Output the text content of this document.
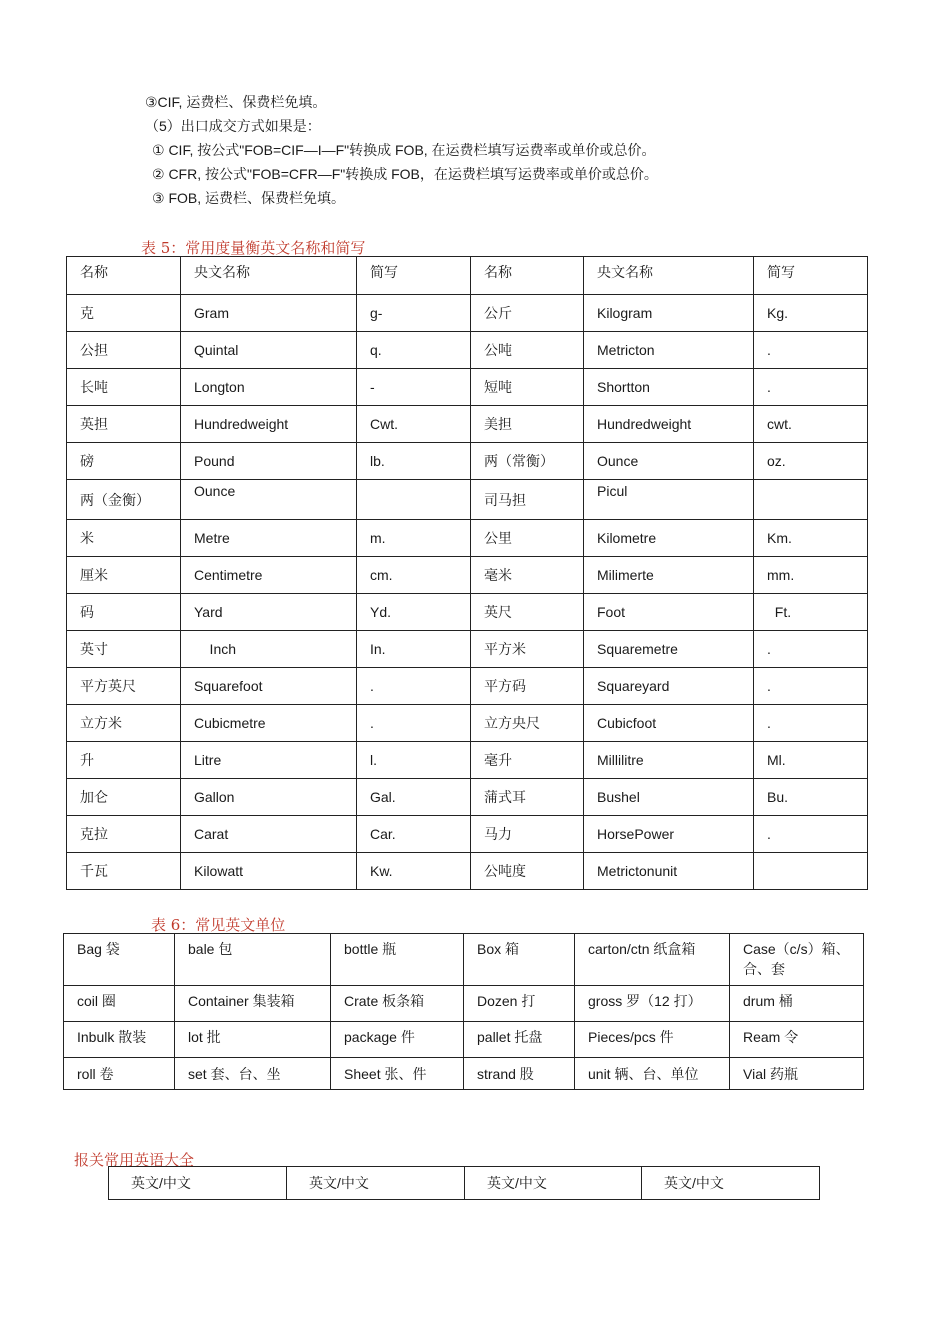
③CIF, 运费栏、保费栏免填。
（5）出口成交方式如果是：
① CIF, 按公式"FOB=CIF—I—F"转换成 FOB, 在运费栏填写运费率或单价或总价。
② CFR, 按公式"FOB=CFR—F"转换成 FOB，在运费栏填写运费率或单价或总价。
③ FOB, 运费栏、保费栏免填。
表 5：常用度量衡英文名称和简写
名称	央文名称	简写	名称	央文名称	简写
克	Gram	g-	公斤	Kilogram	Kg.
公担	Quintal	q.	公吨	Metricton	.
长吨	Longton	-	短吨	Shortton	.
英担	Hundredweight	Cwt.	美担	Hundredweight	cwt.
磅	Pound	lb.	两（常衡）	Ounce	oz.
两（金衡）	Ounce		司马担	Picul	
米	Metre	m.	公里	Kilometre	Km.
厘米	Centimetre	cm.	毫米	Milimerte	mm.
码	Yard	Yd.	英尺	Foot	Ft.
英寸	Inch	In.	平方米	Squaremetre	.
平方英尺	Squarefoot	.	平方码	Squareyard	.
立方米	Cubicmetre	.	立方央尺	Cubicfoot	.
升	Litre	l.	毫升	Millilitre	Ml.
加仑	Gallon	Gal.	蒲式耳	Bushel	Bu.
克拉	Carat	Car.	马力	HorsePower	.
千瓦	Kilowatt	Kw.	公吨度	Metrictonunit	
表 6：常见英文单位
Bag 袋	bale 包	bottle 瓶	Box 箱	carton/ctn 纸盒箱	Case（c/s）箱、合、套
coil 圈	Container 集装箱	Crate 板条箱	Dozen 打	gross 罗（12 打）	drum 桶
Inbulk 散装	lot 批	package 件	pallet 托盘	Pieces/pcs 件	Ream 令
roll 卷	set 套、台、坐	Sheet 张、件	strand 股	unit 辆、台、单位	Vial 药瓶
报关常用英语大全
英文/中文	英文/中文	英文/中文	英文/中文
